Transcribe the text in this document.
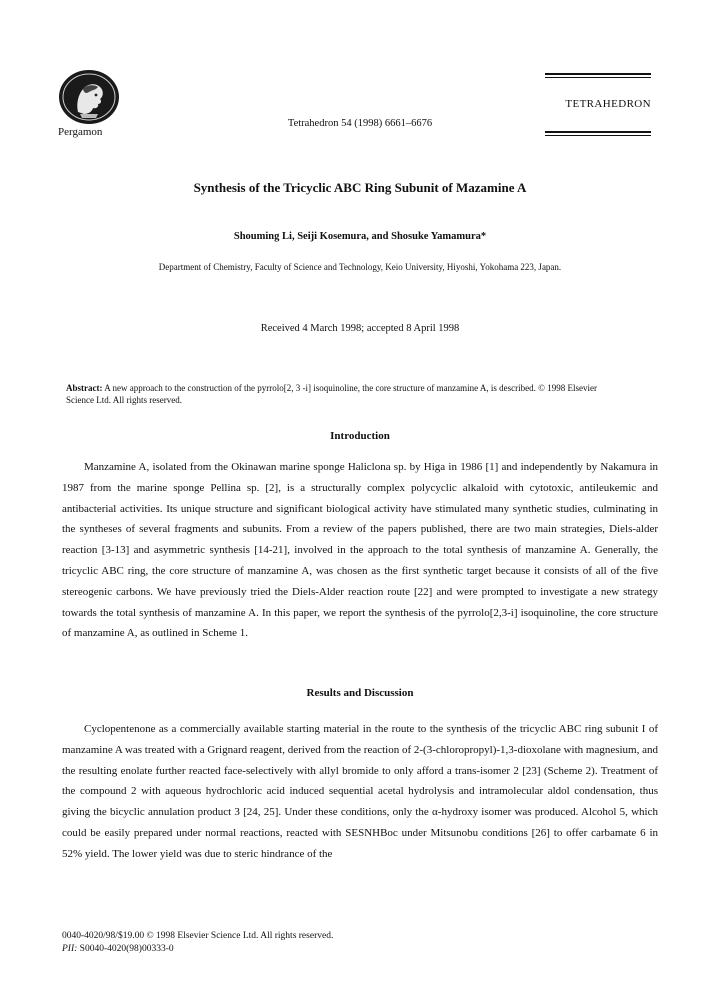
Pergamon
Tetrahedron 54 (1998) 6661–6676
TETRAHEDRON
Synthesis of the Tricyclic ABC Ring Subunit of Mazamine A
Shouming Li, Seiji Kosemura, and Shosuke Yamamura*
Department of Chemistry, Faculty of Science and Technology, Keio University, Hiyoshi, Yokohama 223, Japan.
Received 4 March 1998; accepted 8 April 1998
Abstract: A new approach to the construction of the pyrrolo[2, 3 -i] isoquinoline, the core structure of manzamine A, is described. © 1998 Elsevier Science Ltd. All rights reserved.
Introduction

Manzamine A, isolated from the Okinawan marine sponge Haliclona sp. by Higa in 1986 [1] and independently by Nakamura in 1987 from the marine sponge Pellina sp. [2], is a structurally complex polycyclic alkaloid with cytotoxic, antileukemic and antibacterial activities. Its unique structure and significant biological activity have stimulated many synthetic studies, culminating in the syntheses of several fragments and subunits. From a review of the papers published, there are two main strategies, Diels-alder reaction [3-13] and asymmetric synthesis [14-21], involved in the approach to the total synthesis of manzamine A. Generally, the tricyclic ABC ring, the core structure of manzamine A, was chosen as the first synthetic target because it consists of all of the five stereogenic carbons. We have previously tried the Diels-Alder reaction route [22] and were prompted to investigate a new strategy towards the total synthesis of manzamine A. In this paper, we report the synthesis of the pyrrolo[2,3-i] isoquinoline, the core structure of manzamine A, as outlined in Scheme 1.

Results and Discussion

Cyclopentenone as a commercially available starting material in the route to the synthesis of the tricyclic ABC ring subunit I of manzamine A was treated with a Grignard reagent, derived from the reaction of 2-(3-chloropropyl)-1,3-dioxolane with magnesium, and the resulting enolate further reacted face-selectively with allyl bromide to only afford a trans-isomer 2 [23] (Scheme 2). Treatment of the compound 2 with aqueous hydrochloric acid induced sequential acetal hydrolysis and intramolecular aldol condensation, thus giving the bicyclic annulation product 3 [24, 25]. Under these conditions, only the α-hydroxy isomer was produced. Alcohol 5, which could be easily prepared under normal reactions, reacted with SESNHBoc under Mitsunobu conditions [26] to offer carbamate 6 in 52% yield. The lower yield was due to steric hindrance of the

0040-4020/98/$19.00 © 1998 Elsevier Science Ltd. All rights reserved.
PII: S0040-4020(98)00333-0
